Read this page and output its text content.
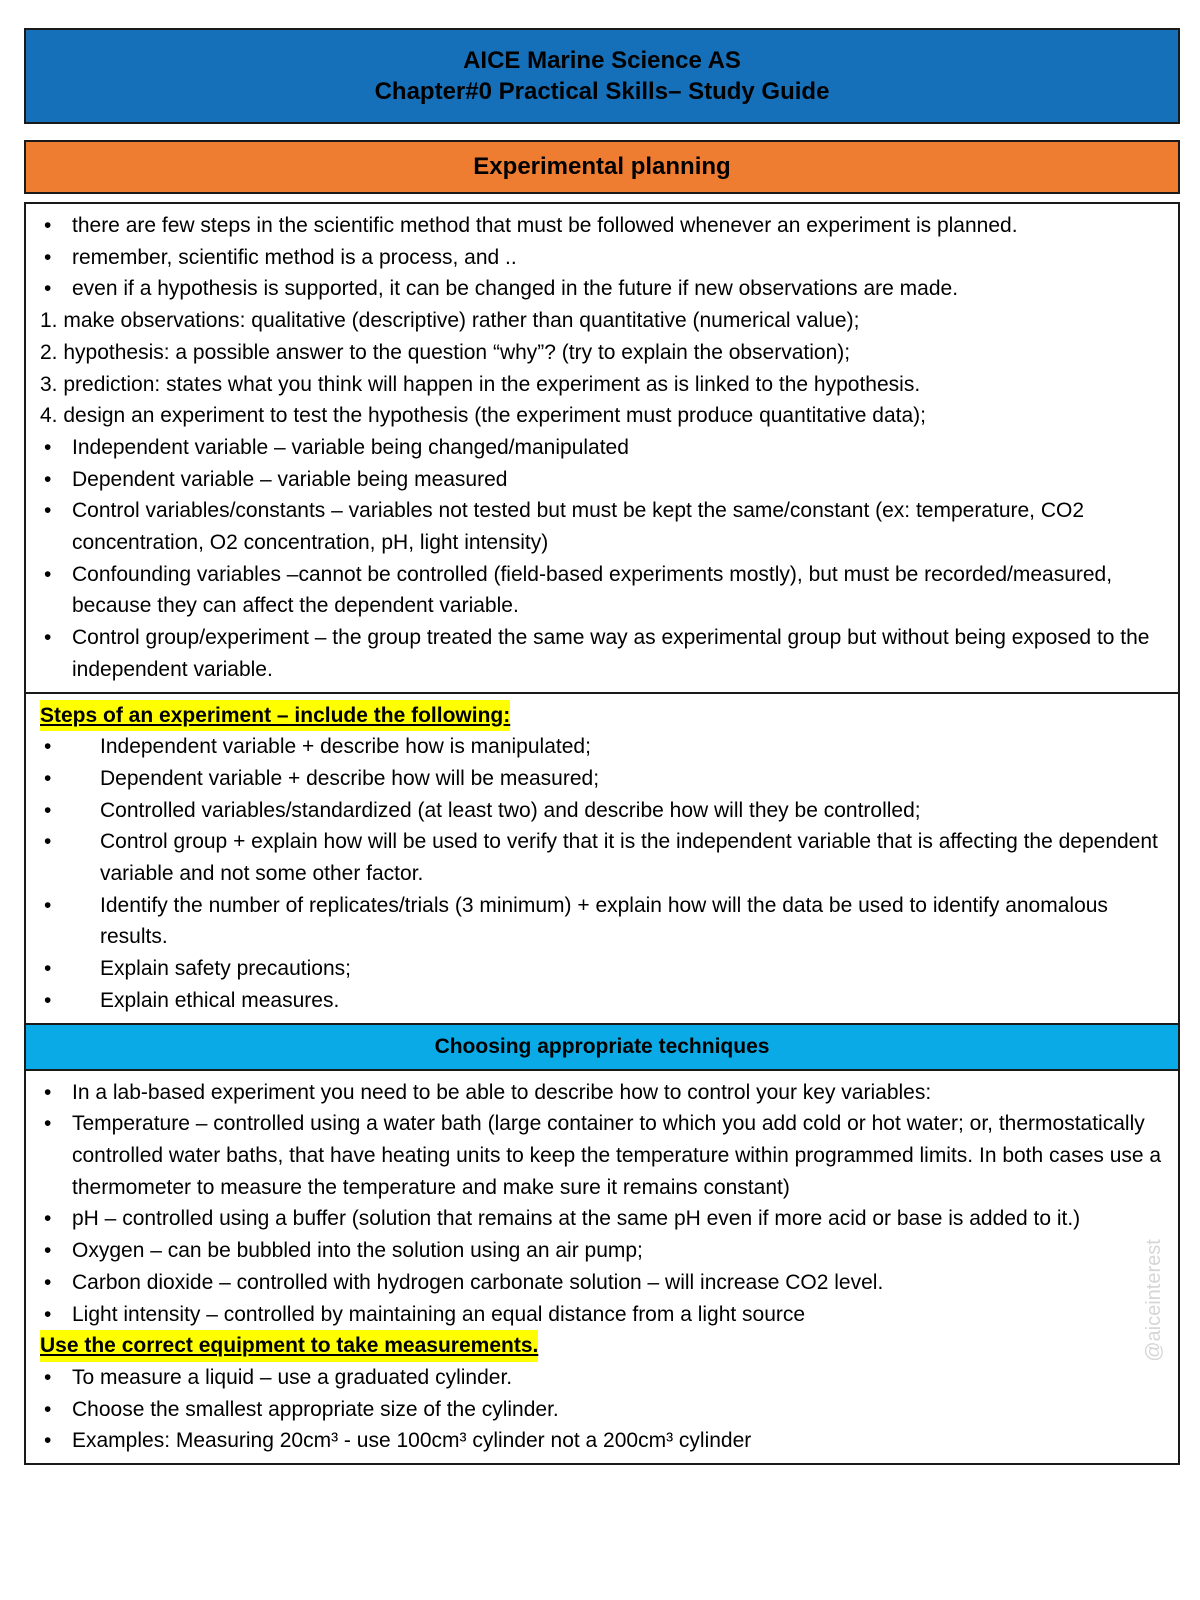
AICE Marine Science AS
Chapter#0 Practical Skills– Study Guide
Experimental planning
• there are few steps in the scientific method that must be followed whenever an experiment is planned.
• remember, scientific method is a process, and ..
• even if a hypothesis is supported, it can be changed in the future if new observations are made.
1. make observations: qualitative (descriptive) rather than quantitative (numerical value);
2. hypothesis: a possible answer to the question “why”? (try to explain the observation);
3. prediction: states what you think will happen in the experiment as is linked to the hypothesis.
4. design an experiment to test the hypothesis (the experiment must produce quantitative data);
• Independent variable – variable being changed/manipulated
• Dependent variable – variable being measured
• Control variables/constants – variables not tested but must be kept the same/constant (ex: temperature, CO2 concentration, O2 concentration, pH, light intensity)
• Confounding variables –cannot be controlled (field-based experiments mostly), but must be recorded/measured, because they can affect the dependent variable.
• Control group/experiment – the group treated the same way as experimental group but without being exposed to the independent variable.
Steps of an experiment – include the following:
• Independent variable + describe how is manipulated;
• Dependent variable + describe how will be measured;
• Controlled variables/standardized (at least two) and describe how will they be controlled;
• Control group + explain how will be used to verify that it is the independent variable that is affecting the dependent variable and not some other factor.
• Identify the number of replicates/trials (3 minimum) + explain how will the data be used to identify anomalous results.
• Explain safety precautions;
• Explain ethical measures.
Choosing appropriate techniques
• In a lab-based experiment you need to be able to describe how to control your key variables:
• Temperature – controlled using a water bath (large container to which you add cold or hot water; or, thermostatically controlled water baths, that have heating units to keep the temperature within programmed limits. In both cases use a thermometer to measure the temperature and make sure it remains constant)
• pH – controlled using a buffer (solution that remains at the same pH even if more acid or base is added to it.)
• Oxygen – can be bubbled into the solution using an air pump;
• Carbon dioxide – controlled with hydrogen carbonate solution – will increase CO2 level.
• Light intensity – controlled by maintaining an equal distance from a light source
Use the correct equipment to take measurements.
• To measure a liquid – use a graduated cylinder.
• Choose the smallest appropriate size of the cylinder.
• Examples: Measuring 20cm³ - use 100cm³ cylinder not a 200cm³ cylinder
@aiceinterest
